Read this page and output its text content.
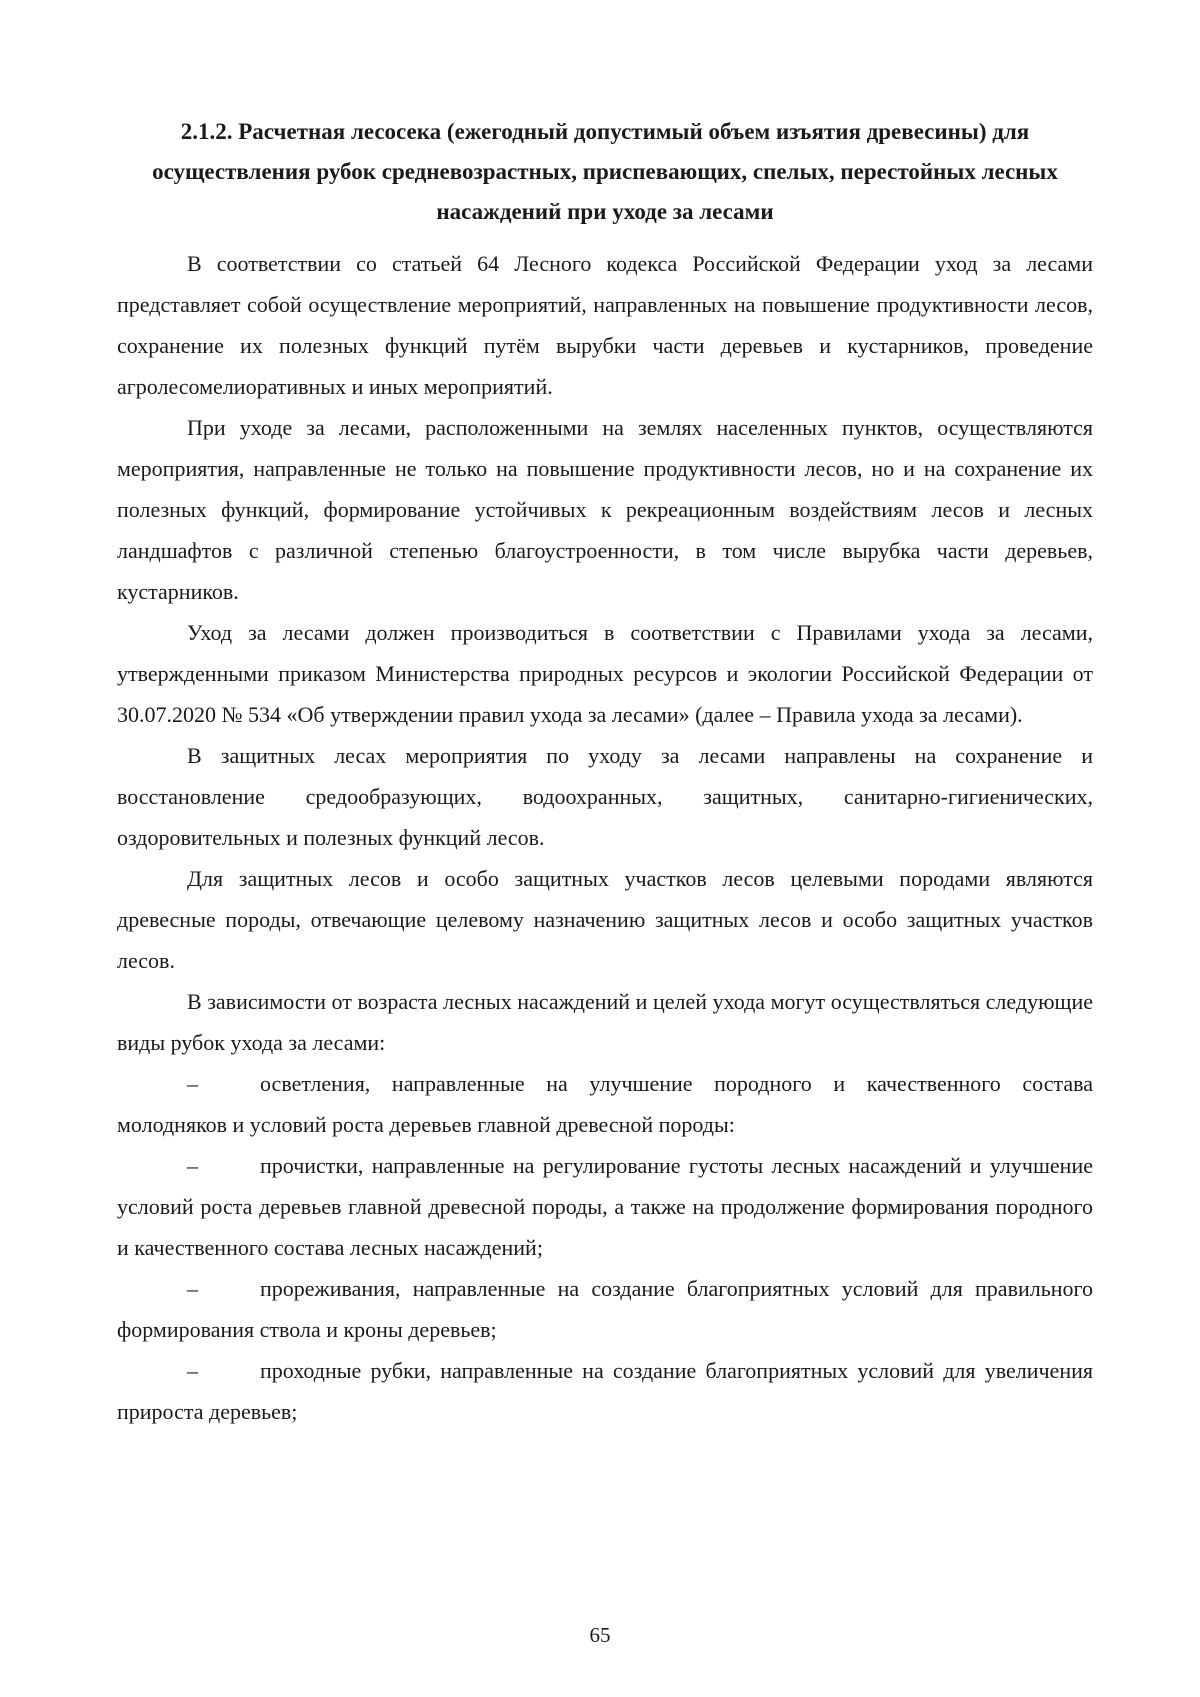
2.1.2. Расчетная лесосека (ежегодный допустимый объем изъятия древесины) для осуществления рубок средневозрастных, приспевающих, спелых, перестойных лесных насаждений при уходе за лесами

В соответствии со статьей 64 Лесного кодекса Российской Федерации уход за лесами представляет собой осуществление мероприятий, направленных на повышение продуктивности лесов, сохранение их полезных функций путём вырубки части деревьев и кустарников, проведение агролесомелиоративных и иных мероприятий.

При уходе за лесами, расположенными на землях населенных пунктов, осуществляются мероприятия, направленные не только на повышение продуктивности лесов, но и на сохранение их полезных функций, формирование устойчивых к рекреационным воздействиям лесов и лесных ландшафтов с различной степенью благоустроенности, в том числе вырубка части деревьев, кустарников.

Уход за лесами должен производиться в соответствии с Правилами ухода за лесами, утвержденными приказом Министерства природных ресурсов и экологии Российской Федерации от 30.07.2020 № 534 «Об утверждении правил ухода за лесами» (далее – Правила ухода за лесами).

В защитных лесах мероприятия по уходу за лесами направлены на сохранение и восстановление средообразующих, водоохранных, защитных, санитарно-гигиенических, оздоровительных и полезных функций лесов.

Для защитных лесов и особо защитных участков лесов целевыми породами являются древесные породы, отвечающие целевому назначению защитных лесов и особо защитных участков лесов.

В зависимости от возраста лесных насаждений и целей ухода могут осуществляться следующие виды рубок ухода за лесами:

–	осветления, направленные на улучшение породного и качественного состава молодняков и условий роста деревьев главной древесной породы:

–	прочистки, направленные на регулирование густоты лесных насаждений и улучшение условий роста деревьев главной древесной породы, а также на продолжение формирования породного и качественного состава лесных насаждений;

–	прореживания, направленные на создание благоприятных условий для правильного формирования ствола и кроны деревьев;

–	проходные рубки, направленные на создание благоприятных условий для увеличения прироста деревьев;

65
